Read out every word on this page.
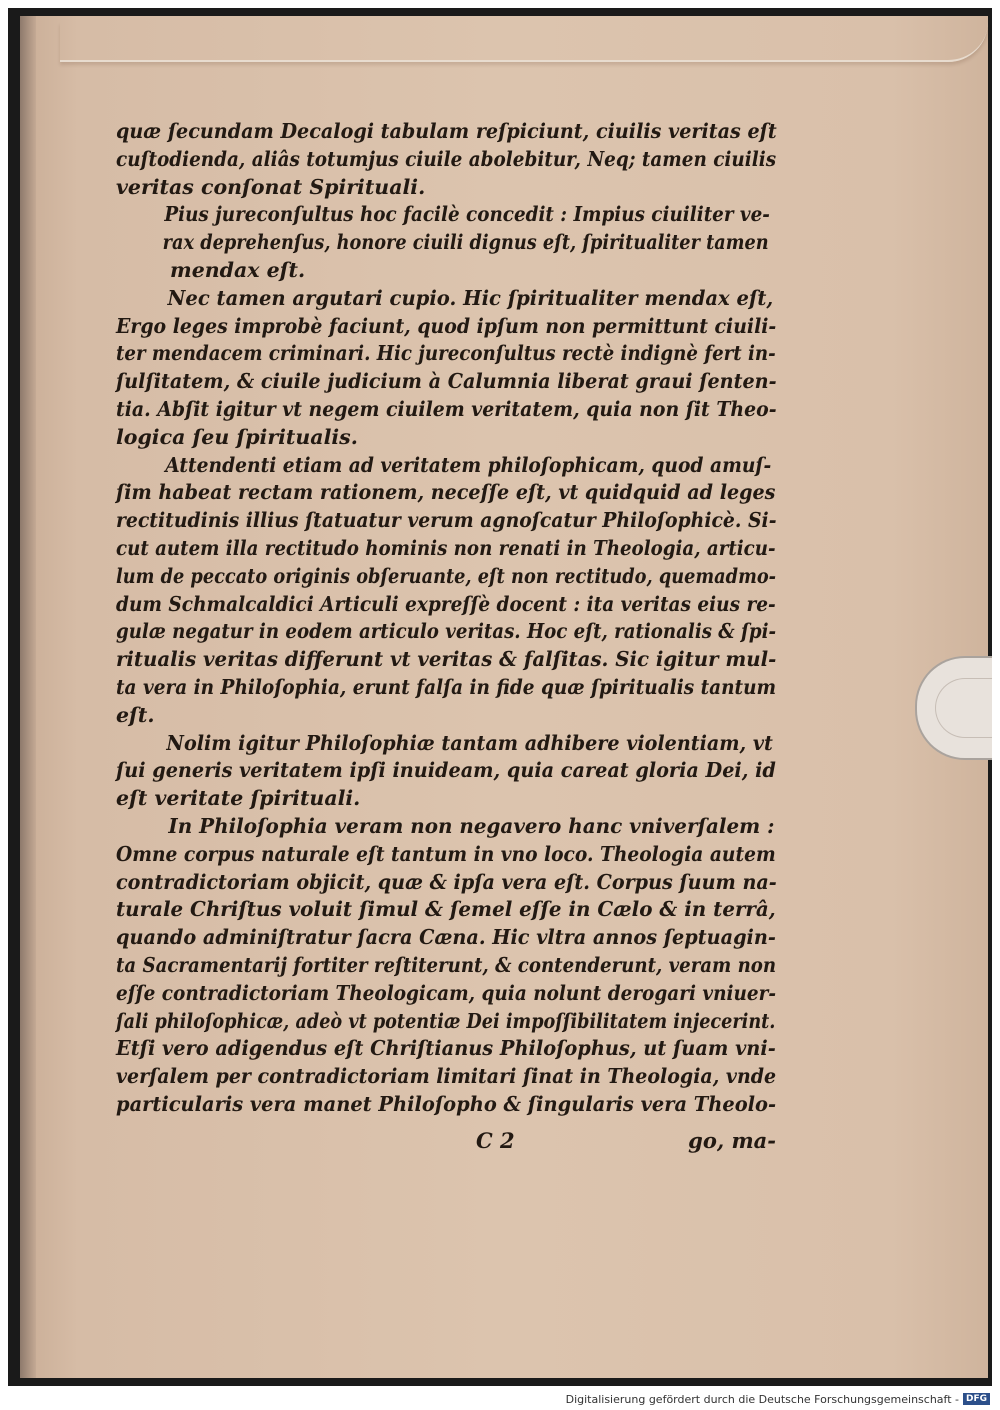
quæ ſecundam Decalogi tabulam reſpiciunt, ciuilis veritas eſt
cuſtodienda, aliâs totumjus ciuile abolebitur, Neq; tamen ciuilis
veritas conſonat Spirituali.
Pius jureconſultus hoc facilè concedit : Impius ciuiliter ve-
rax deprehenſus, honore ciuili dignus eſt, ſpiritualiter tamen
mendax eſt.
Nec tamen argutari cupio. Hic ſpiritualiter mendax eſt,
Ergo leges improbè faciunt, quod ipſum non permittunt ciuili-
ter mendacem criminari. Hic jureconſultus rectè indignè fert in-
ſulſitatem, & ciuile judicium à Calumnia liberat graui ſenten-
tia. Abſit igitur vt negem ciuilem veritatem, quia non ſit Theo-
logica ſeu ſpiritualis.
Attendenti etiam ad veritatem philoſophicam, quod amuſ-
ſim habeat rectam rationem, neceſſe eſt, vt quidquid ad leges
rectitudinis illius ſtatuatur verum agnoſcatur Philoſophicè. Si-
cut autem illa rectitudo hominis non renati in Theologia, articu-
lum de peccato originis obſeruante, eſt non rectitudo, quemadmo-
dum Schmalcaldici Articuli expreſſè docent : ita veritas eius re-
gulæ negatur in eodem articulo veritas. Hoc eſt, rationalis & ſpi-
ritualis veritas differunt vt veritas & falſitas. Sic igitur mul-
ta vera in Philoſophia, erunt falſa in fide quæ ſpiritualis tantum
eſt.
Nolim igitur Philoſophiæ tantam adhibere violentiam, vt
ſui generis veritatem ipſi inuideam, quia careat gloria Dei, id
eſt veritate ſpirituali.
In Philoſophia veram non negavero hanc vniverſalem :
Omne corpus naturale eſt tantum in vno loco. Theologia autem
contradictoriam objicit, quæ & ipſa vera eſt. Corpus ſuum na-
turale Chriſtus voluit ſimul & ſemel eſſe in Cælo & in terrâ,
quando adminiſtratur ſacra Cæna. Hic vltra annos ſeptuagin-
ta Sacramentarij fortiter reſtiterunt, & contenderunt, veram non
eſſe contradictoriam Theologicam, quia nolunt derogari vniuer-
ſali philoſophicæ, adeò vt potentiæ Dei impoſſibilitatem injecerint.
Etſi vero adigendus eſt Chriſtianus Philoſophus, ut ſuam vni-
verſalem per contradictoriam limitari ſinat in Theologia, vnde
particularis vera manet Philoſopho & ſingularis vera Theolo-
C 2	go, ma-
Digitalisierung gefördert durch die Deutsche Forschungsgemeinschaft - DFG
